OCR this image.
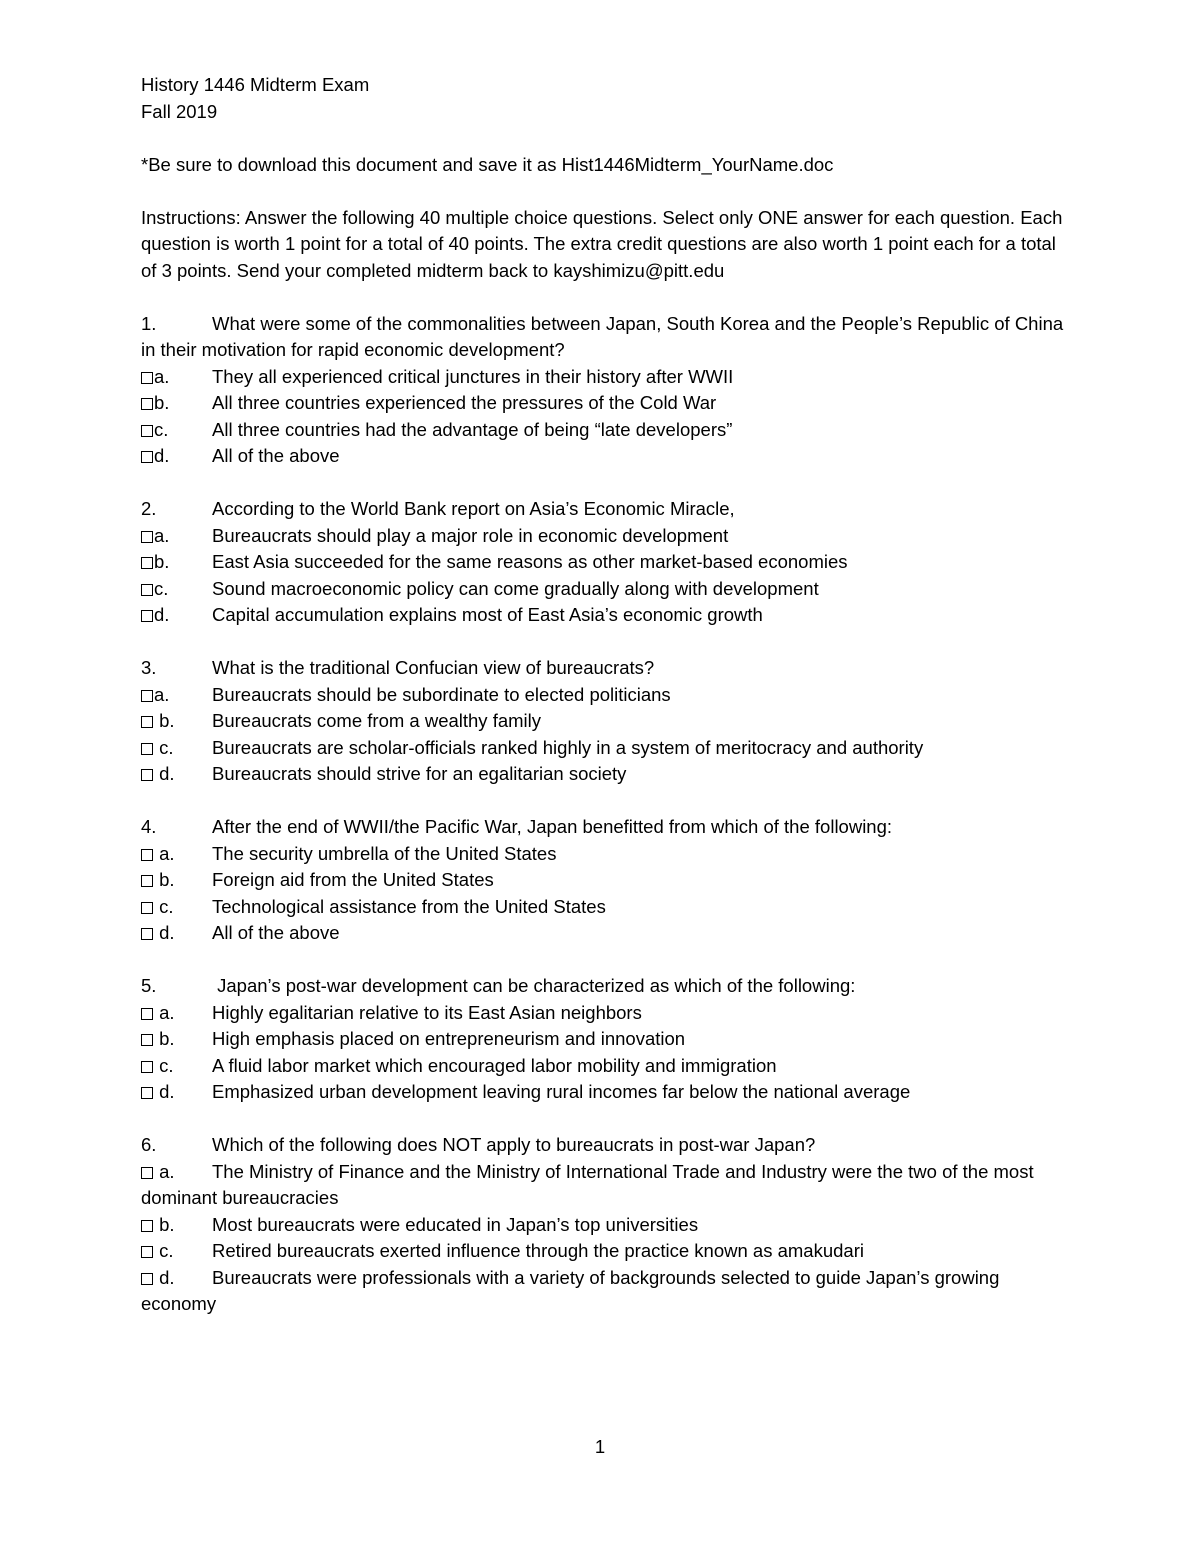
History 1446 Midterm Exam
Fall 2019
*Be sure to download this document and save it as Hist1446Midterm_YourName.doc

Instructions: Answer the following 40 multiple choice questions. Select only ONE answer for each question. Each question is worth 1 point for a total of 40 points. The extra credit questions are also worth 1 point each for a total of 3 points. Send your completed midterm back to kayshimizu@pitt.edu

1.	What were some of the commonalities between Japan, South Korea and the People’s Republic of China in their motivation for rapid economic development?
a. They all experienced critical junctures in their history after WWII
b. All three countries experienced the pressures of the Cold War
c. All three countries had the advantage of being “late developers”
d. All of the above
2.	According to the World Bank report on Asia’s Economic Miracle,
a. Bureaucrats should play a major role in economic development
b. East Asia succeeded for the same reasons as other market-based economies
c. Sound macroeconomic policy can come gradually along with development
d. Capital accumulation explains most of East Asia’s economic growth
3.	What is the traditional Confucian view of bureaucrats?
a. Bureaucrats should be subordinate to elected politicians
b. Bureaucrats come from a wealthy family
c. Bureaucrats are scholar-officials ranked highly in a system of meritocracy and authority
d. Bureaucrats should strive for an egalitarian society
4.	After the end of WWII/the Pacific War, Japan benefitted from which of the following:
a. The security umbrella of the United States
b. Foreign aid from the United States
c. Technological assistance from the United States
d. All of the above
5.	Japan’s post-war development can be characterized as which of the following:
a. Highly egalitarian relative to its East Asian neighbors
b. High emphasis placed on entrepreneurism and innovation
c. A fluid labor market which encouraged labor mobility and immigration
d. Emphasized urban development leaving rural incomes far below the national average
6.	Which of the following does NOT apply to bureaucrats in post-war Japan?
a. The Ministry of Finance and the Ministry of International Trade and Industry were the two of the most dominant bureaucracies
b. Most bureaucrats were educated in Japan’s top universities
c. Retired bureaucrats exerted influence through the practice known as amakudari
d. Bureaucrats were professionals with a variety of backgrounds selected to guide Japan’s growing economy
1
